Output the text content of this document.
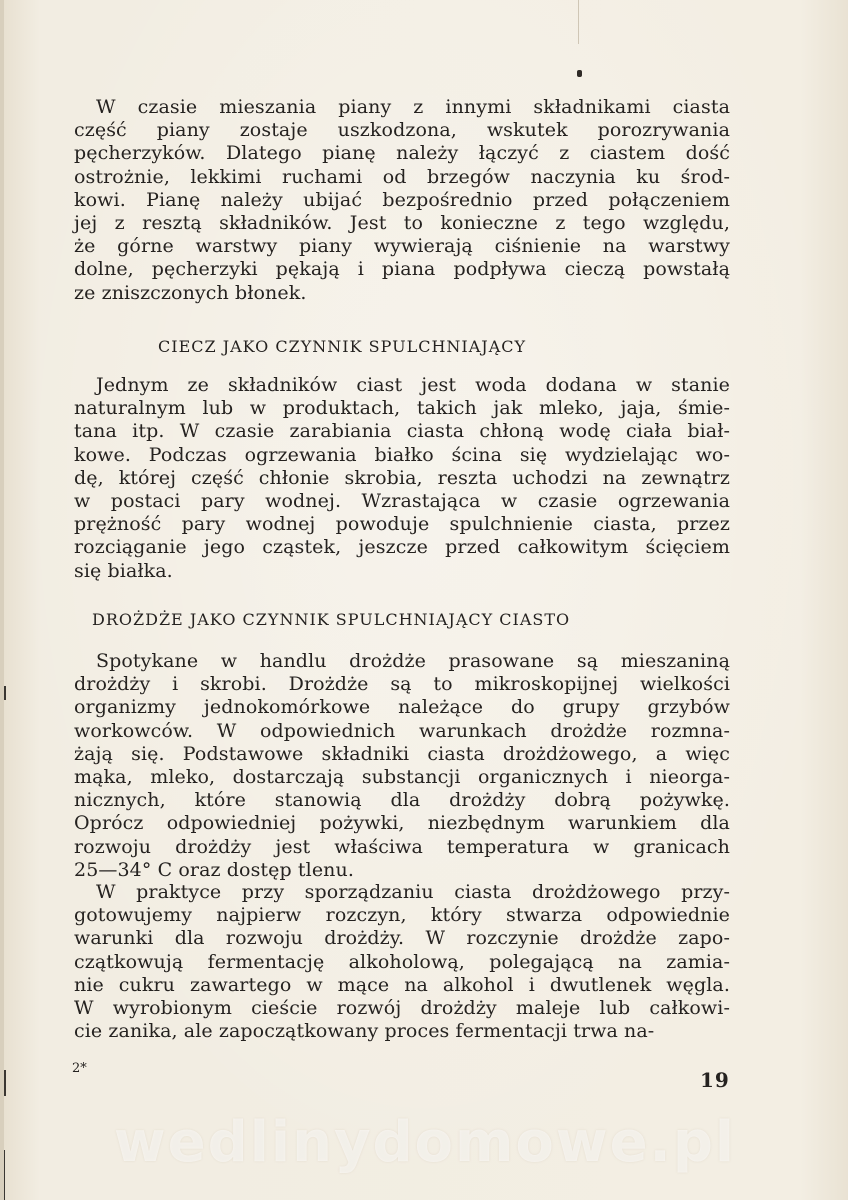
W czasie mieszania piany z innymi składnikami ciasta
część piany zostaje uszkodzona, wskutek porozrywania
pęcherzyków. Dlatego pianę należy łączyć z ciastem dość
ostrożnie, lekkimi ruchami od brzegów naczynia ku środ-
kowi. Pianę należy ubijać bezpośrednio przed połączeniem
jej z resztą składników. Jest to konieczne z tego względu,
że górne warstwy piany wywierają ciśnienie na warstwy
dolne, pęcherzyki pękają i piana podpływa cieczą powstałą
ze zniszczonych błonek.

CIECZ JAKO CZYNNIK SPULCHNIAJĄCY

Jednym ze składników ciast jest woda dodana w stanie
naturalnym lub w produktach, takich jak mleko, jaja, śmie-
tana itp. W czasie zarabiania ciasta chłoną wodę ciała biał-
kowe. Podczas ogrzewania białko ścina się wydzielając wo-
dę, której część chłonie skrobia, reszta uchodzi na zewnątrz
w postaci pary wodnej. Wzrastająca w czasie ogrzewania
prężność pary wodnej powoduje spulchnienie ciasta, przez
rozciąganie jego cząstek, jeszcze przed całkowitym ścięciem
się białka.

DROŻDŻE JAKO CZYNNIK SPULCHNIAJĄCY CIASTO

Spotykane w handlu drożdże prasowane są mieszaniną
drożdży i skrobi. Drożdże są to mikroskopijnej wielkości
organizmy jednokomórkowe należące do grupy grzybów
workowców. W odpowiednich warunkach drożdże rozmna-
żają się. Podstawowe składniki ciasta drożdżowego, a więc
mąka, mleko, dostarczają substancji organicznych i nieorga-
nicznych, które stanowią dla drożdży dobrą pożywkę.
Oprócz odpowiedniej pożywki, niezbędnym warunkiem dla
rozwoju drożdży jest właściwa temperatura w granicach
25—34° C oraz dostęp tlenu.

W praktyce przy sporządzaniu ciasta drożdżowego przy-
gotowujemy najpierw rozczyn, który stwarza odpowiednie
warunki dla rozwoju drożdży. W rozczynie drożdże zapo-
czątkowują fermentację alkoholową, polegającą na zamia-
nie cukru zawartego w mące na alkohol i dwutlenek węgla.
W wyrobionym cieście rozwój drożdży maleje lub całkowi-
cie zanika, ale zapoczątkowany proces fermentacji trwa na-

2*	19
wedlinydomowe.pl
